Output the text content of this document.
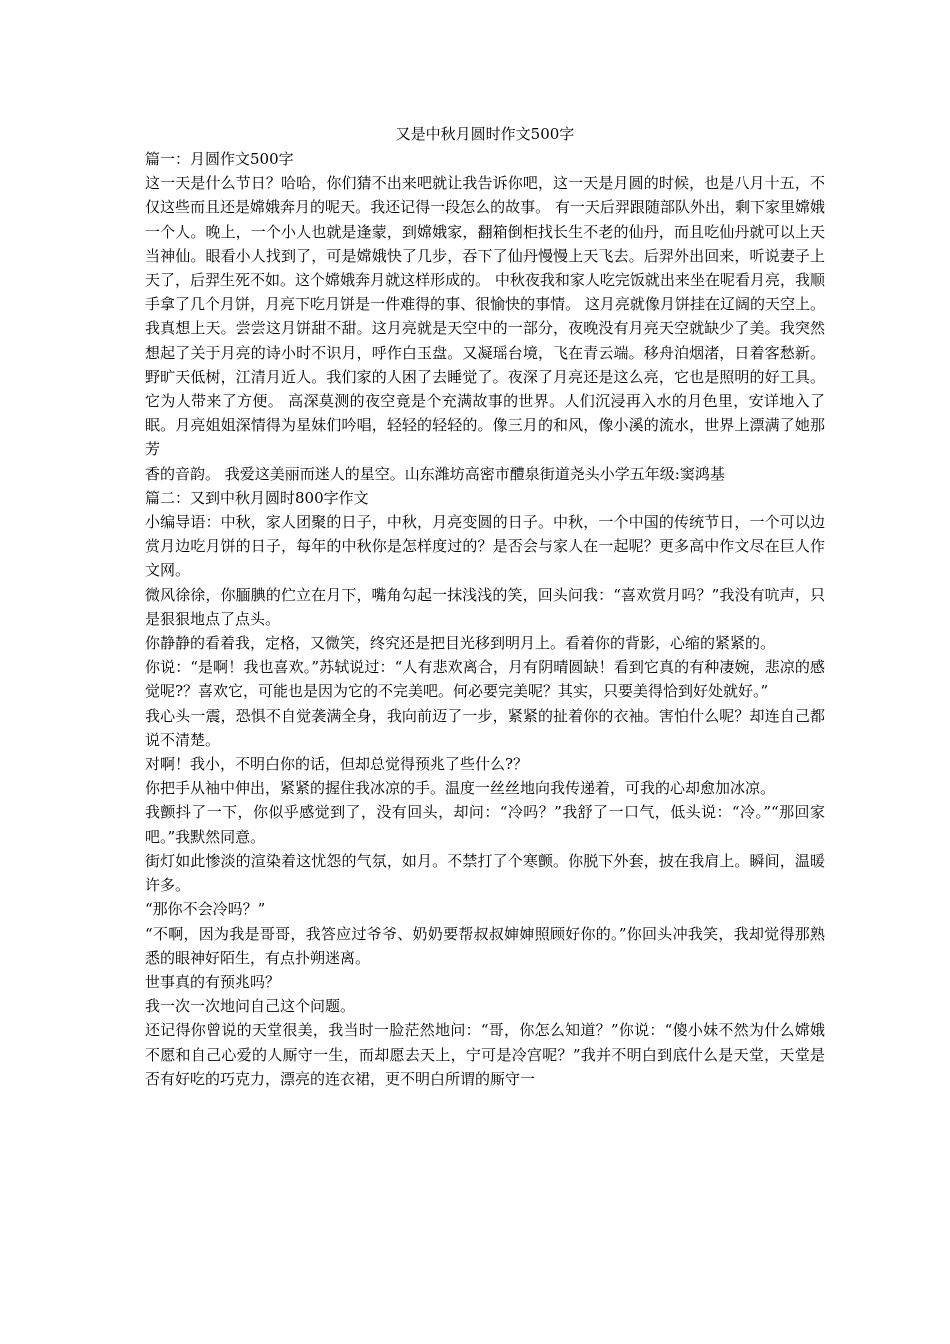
又是中秋月圆时作文500字

篇一：月圆作文500字

这一天是什么节日？哈哈，你们猜不出来吧就让我告诉你吧，这一天是月圆的时候，也是八月十五，不仅这些而且还是嫦娥奔月的呢天。我还记得一段怎么的故事。 有一天后羿跟随部队外出，剩下家里嫦娥一个人。晚上，一个小人也就是逢蒙，到嫦娥家，翻箱倒柜找长生不老的仙丹，而且吃仙丹就可以上天当神仙。眼看小人找到了，可是嫦娥快了几步，吞下了仙丹慢慢上天飞去。后羿外出回来，听说妻子上天了，后羿生死不如。这个嫦娥奔月就这样形成的。 中秋夜我和家人吃完饭就出来坐在呢看月亮，我顺手拿了几个月饼，月亮下吃月饼是一件难得的事、很愉快的事情。 这月亮就像月饼挂在辽阔的天空上。我真想上天。尝尝这月饼甜不甜。这月亮就是天空中的一部分，夜晚没有月亮天空就缺少了美。我突然想起了关于月亮的诗小时不识月，呼作白玉盘。又凝瑶台境，飞在青云端。移舟泊烟渚，日着客愁新。野旷天低树，江清月近人。我们家的人困了去睡觉了。夜深了月亮还是这么亮，它也是照明的好工具。它为人带来了方便。 高深莫测的夜空竟是个充满故事的世界。人们沉浸再入水的月色里，安详地入了眠。月亮姐姐深情得为星妹们吟唱，轻轻的轻轻的。像三月的和风，像小溪的流水，世界上漂满了她那芳

香的音韵。 我爱这美丽而迷人的星空。山东潍坊高密市醴泉街道尧头小学五年级:窦鸿基

篇二：又到中秋月圆时800字作文

小编导语：中秋，家人团聚的日子，中秋，月亮变圆的日子。中秋，一个中国的传统节日，一个可以边赏月边吃月饼的日子，每年的中秋你是怎样度过的？是否会与家人在一起呢？更多高中作文尽在巨人作文网。

微风徐徐，你腼腆的伫立在月下，嘴角勾起一抹浅浅的笑，回头问我：“喜欢赏月吗？”我没有吭声，只是狠狠地点了点头。

你静静的看着我，定格，又微笑，终究还是把目光移到明月上。看着你的背影，心缩的紧紧的。

你说：“是啊！我也喜欢。”苏轼说过：“人有悲欢离合，月有阴晴圆缺！看到它真的有种凄婉，悲凉的感觉呢?？喜欢它，可能也是因为它的不完美吧。何必要完美呢？其实，只要美得恰到好处就好。”

我心头一震，恐惧不自觉袭满全身，我向前迈了一步，紧紧的扯着你的衣袖。害怕什么呢？却连自己都说不清楚。

对啊！我小，不明白你的话，但却总觉得预兆了些什么?？

你把手从袖中伸出，紧紧的握住我冰凉的手。温度一丝丝地向我传递着，可我的心却愈加冰凉。

我颤抖了一下，你似乎感觉到了，没有回头，却问：“冷吗？”我舒了一口气，低头说：“冷。”“那回家吧。”我默然同意。

街灯如此惨淡的渲染着这忧怨的气氛，如月。不禁打了个寒颤。你脱下外套，披在我肩上。瞬间，温暖许多。

“那你不会冷吗？”

“不啊，因为我是哥哥，我答应过爷爷、奶奶要帮叔叔婶婶照顾好你的。”你回头冲我笑，我却觉得那熟悉的眼神好陌生，有点扑朔迷离。

世事真的有预兆吗？

我一次一次地问自己这个问题。

还记得你曾说的天堂很美，我当时一脸茫然地问：“哥，你怎么知道？”你说：“傻小妹不然为什么嫦娥不愿和自己心爱的人厮守一生，而却愿去天上，宁可是冷宫呢？”我并不明白到底什么是天堂，天堂是否有好吃的巧克力，漂亮的连衣裙，更不明白所谓的厮守一
